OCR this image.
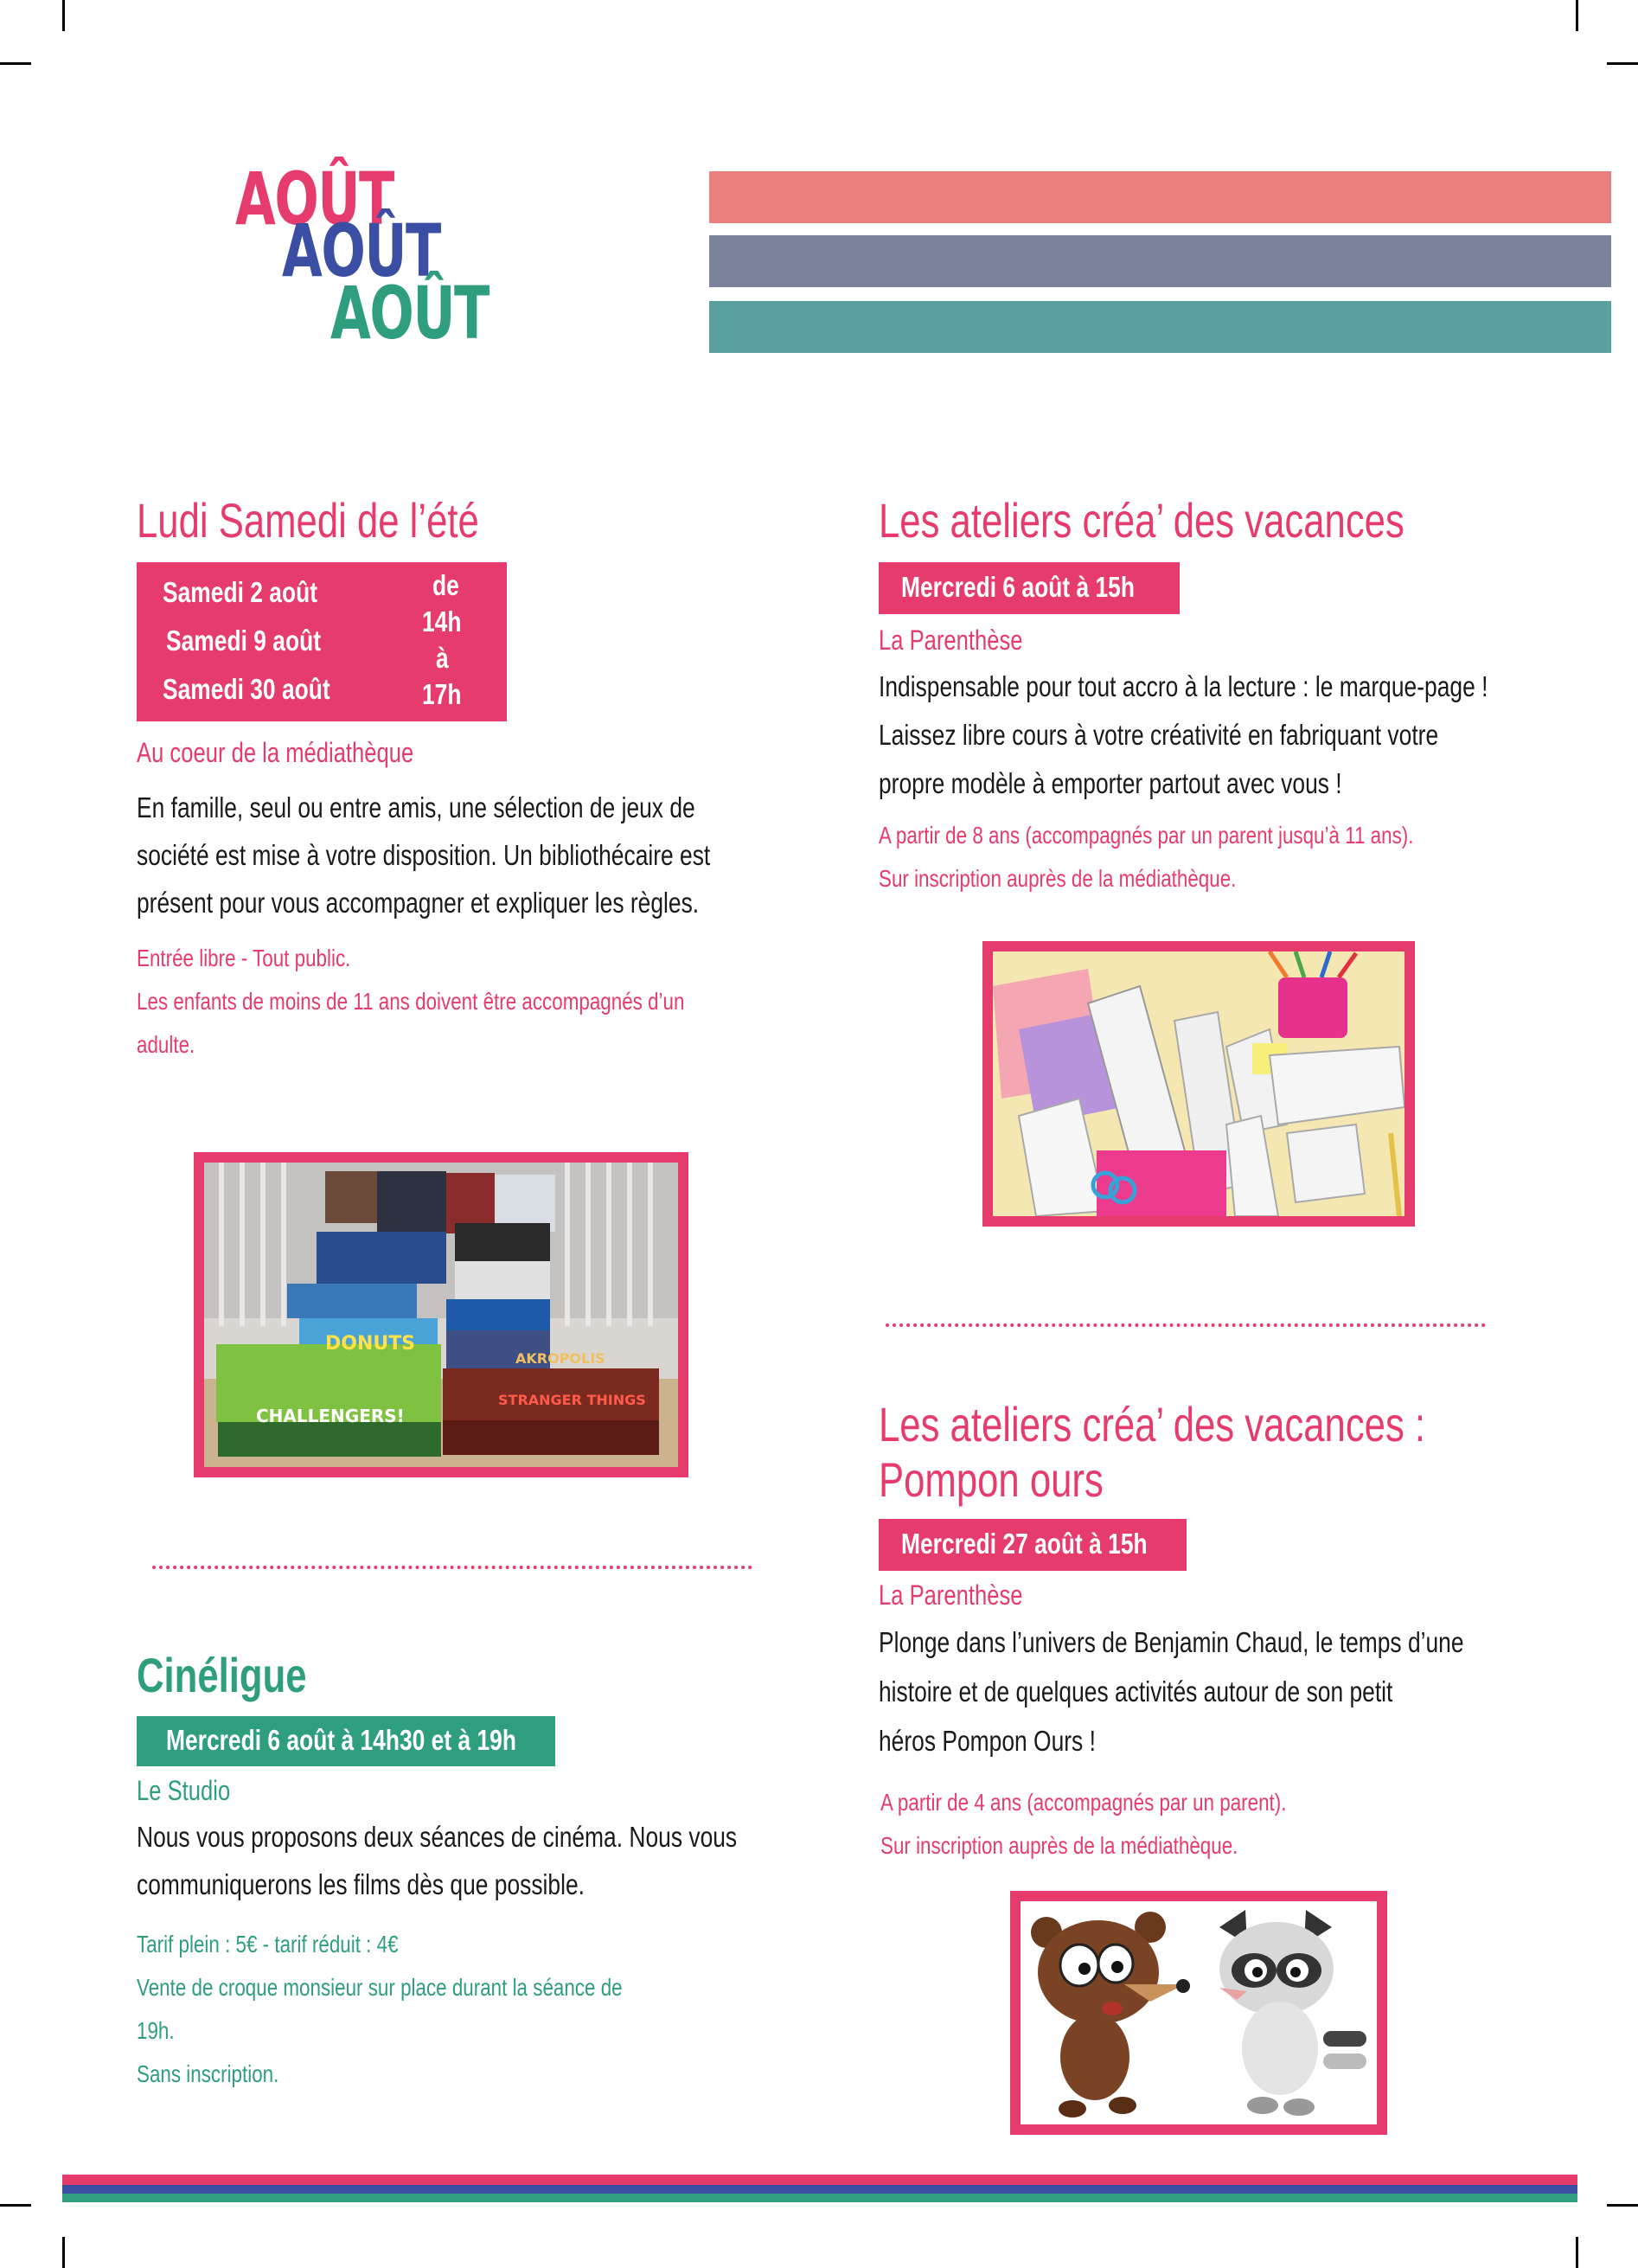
AOÛT
AOÛT
AOÛT
Ludi Samedi de l’été
Samedi 2 août
Samedi 9 août
Samedi 30 août
de
14h
à
17h
Au coeur de la médiathèque
En famille, seul ou entre amis, une sélection de jeux de
société est mise à votre disposition. Un bibliothécaire est
présent pour vous accompagner et expliquer les règles.
Entrée libre - Tout public.
Les enfants de moins de 11 ans doivent être accompagnés d’un
adulte.
DONUTS
CHALLENGERS!
STRANGER THINGS
AKROPOLIS
Cinéligue
Mercredi 6 août à 14h30 et à 19h
Le Studio
Nous vous proposons deux séances de cinéma. Nous vous
communiquerons les films dès que possible.
Tarif plein : 5€ - tarif réduit : 4€
Vente de croque monsieur sur place durant la séance de
19h.
Sans inscription.
Les ateliers créa’ des vacances
Mercredi 6 août à 15h
La Parenthèse
Indispensable pour tout accro à la lecture : le marque-page !
Laissez libre cours à votre créativité en fabriquant votre
propre modèle à emporter partout avec vous !
A partir de 8 ans (accompagnés par un parent jusqu’à 11 ans).
Sur inscription auprès de la médiathèque.
Les ateliers créa’ des vacances :
Pompon ours
Mercredi 27 août à 15h
La Parenthèse
Plonge dans l’univers de Benjamin Chaud, le temps d’une
histoire et de quelques activités autour de son petit
héros Pompon Ours !
A partir de 4 ans (accompagnés par un parent).
Sur inscription auprès de la médiathèque.
